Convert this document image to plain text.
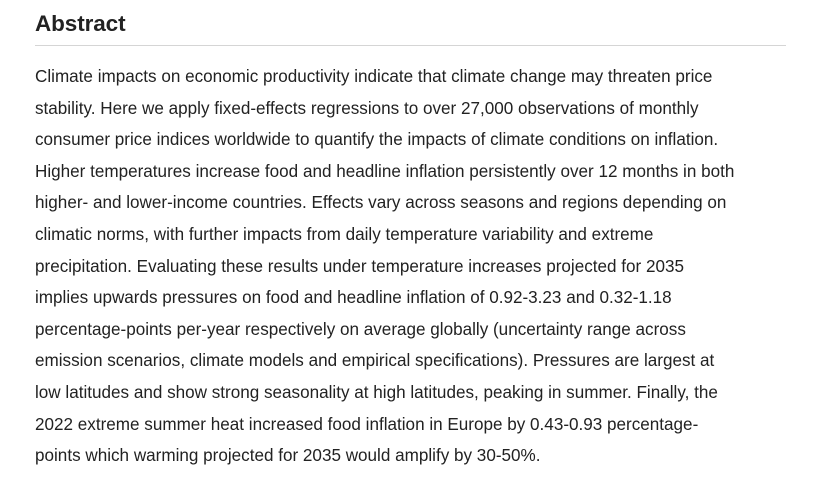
Abstract

Climate impacts on economic productivity indicate that climate change may threaten price
stability. Here we apply fixed-effects regressions to over 27,000 observations of monthly
consumer price indices worldwide to quantify the impacts of climate conditions on inflation.
Higher temperatures increase food and headline inflation persistently over 12 months in both
higher- and lower-income countries. Effects vary across seasons and regions depending on
climatic norms, with further impacts from daily temperature variability and extreme
precipitation. Evaluating these results under temperature increases projected for 2035
implies upwards pressures on food and headline inflation of 0.92-3.23 and 0.32-1.18
percentage-points per-year respectively on average globally (uncertainty range across
emission scenarios, climate models and empirical specifications). Pressures are largest at
low latitudes and show strong seasonality at high latitudes, peaking in summer. Finally, the
2022 extreme summer heat increased food inflation in Europe by 0.43-0.93 percentage-
points which warming projected for 2035 would amplify by 30-50%.
